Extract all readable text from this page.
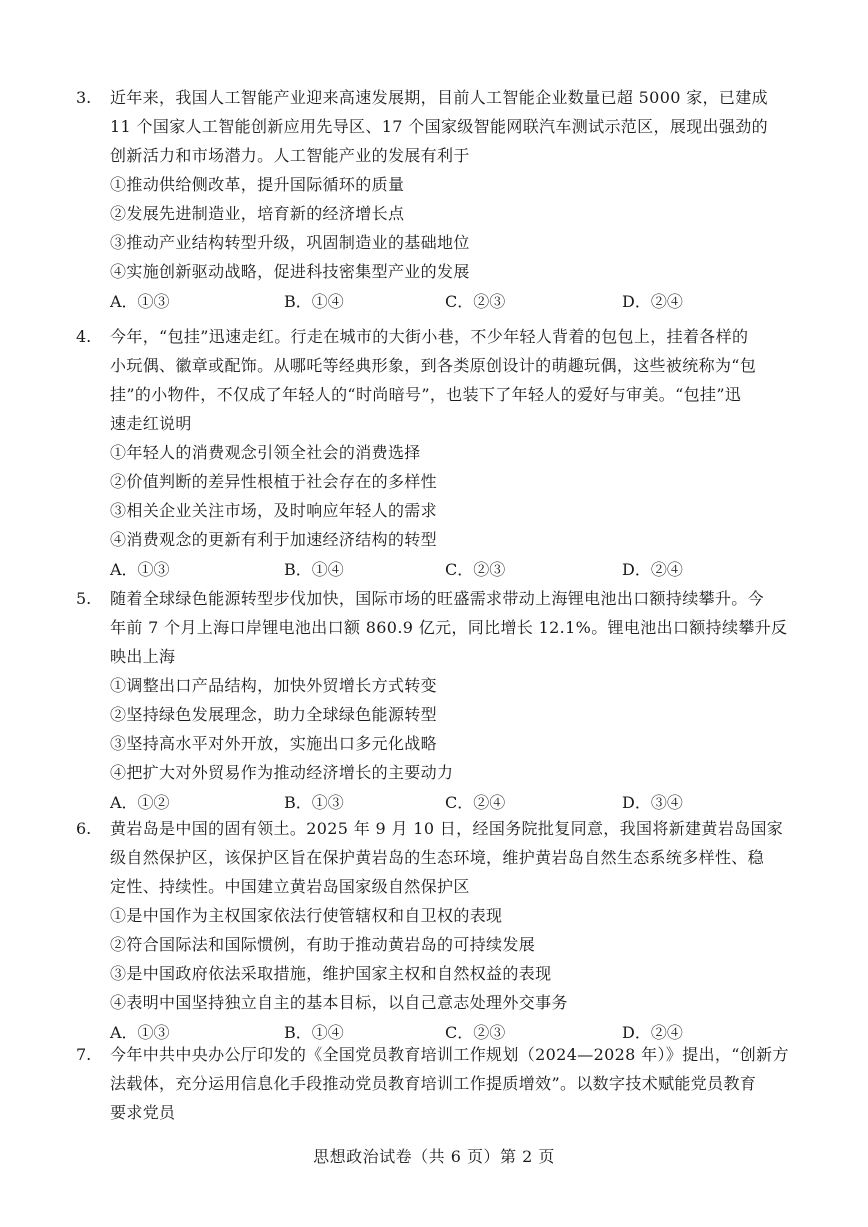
3. 近年来，我国人工智能产业迎来高速发展期，目前人工智能企业数量已超 5000 家，已建成
11 个国家人工智能创新应用先导区、17 个国家级智能网联汽车测试示范区，展现出强劲的
创新活力和市场潜力。人工智能产业的发展有利于
①推动供给侧改革，提升国际循环的质量
②发展先进制造业，培育新的经济增长点
③推动产业结构转型升级，巩固制造业的基础地位
④实施创新驱动战略，促进科技密集型产业的发展
A．①③	B．①④	C．②③	D．②④
4. 今年，“包挂”迅速走红。行走在城市的大街小巷，不少年轻人背着的包包上，挂着各样的
小玩偶、徽章或配饰。从哪吒等经典形象，到各类原创设计的萌趣玩偶，这些被统称为“包
挂”的小物件，不仅成了年轻人的“时尚暗号”，也装下了年轻人的爱好与审美。“包挂”迅
速走红说明
①年轻人的消费观念引领全社会的消费选择
②价值判断的差异性根植于社会存在的多样性
③相关企业关注市场，及时响应年轻人的需求
④消费观念的更新有利于加速经济结构的转型
A．①③	B．①④	C．②③	D．②④
5. 随着全球绿色能源转型步伐加快，国际市场的旺盛需求带动上海锂电池出口额持续攀升。今
年前 7 个月上海口岸锂电池出口额 860.9 亿元，同比增长 12.1%。锂电池出口额持续攀升反
映出上海
①调整出口产品结构，加快外贸增长方式转变
②坚持绿色发展理念，助力全球绿色能源转型
③坚持高水平对外开放，实施出口多元化战略
④把扩大对外贸易作为推动经济增长的主要动力
A．①②	B．①③	C．②④	D．③④
6. 黄岩岛是中国的固有领土。2025 年 9 月 10 日，经国务院批复同意，我国将新建黄岩岛国家
级自然保护区，该保护区旨在保护黄岩岛的生态环境，维护黄岩岛自然生态系统多样性、稳
定性、持续性。中国建立黄岩岛国家级自然保护区
①是中国作为主权国家依法行使管辖权和自卫权的表现
②符合国际法和国际惯例，有助于推动黄岩岛的可持续发展
③是中国政府依法采取措施，维护国家主权和自然权益的表现
④表明中国坚持独立自主的基本目标，以自己意志处理外交事务
A．①③	B．①④	C．②③	D．②④
7. 今年中共中央办公厅印发的《全国党员教育培训工作规划（2024—2028 年）》提出，“创新方
法载体，充分运用信息化手段推动党员教育培训工作提质增效”。以数字技术赋能党员教育
要求党员
思想政治试卷（共 6 页）第 2 页
